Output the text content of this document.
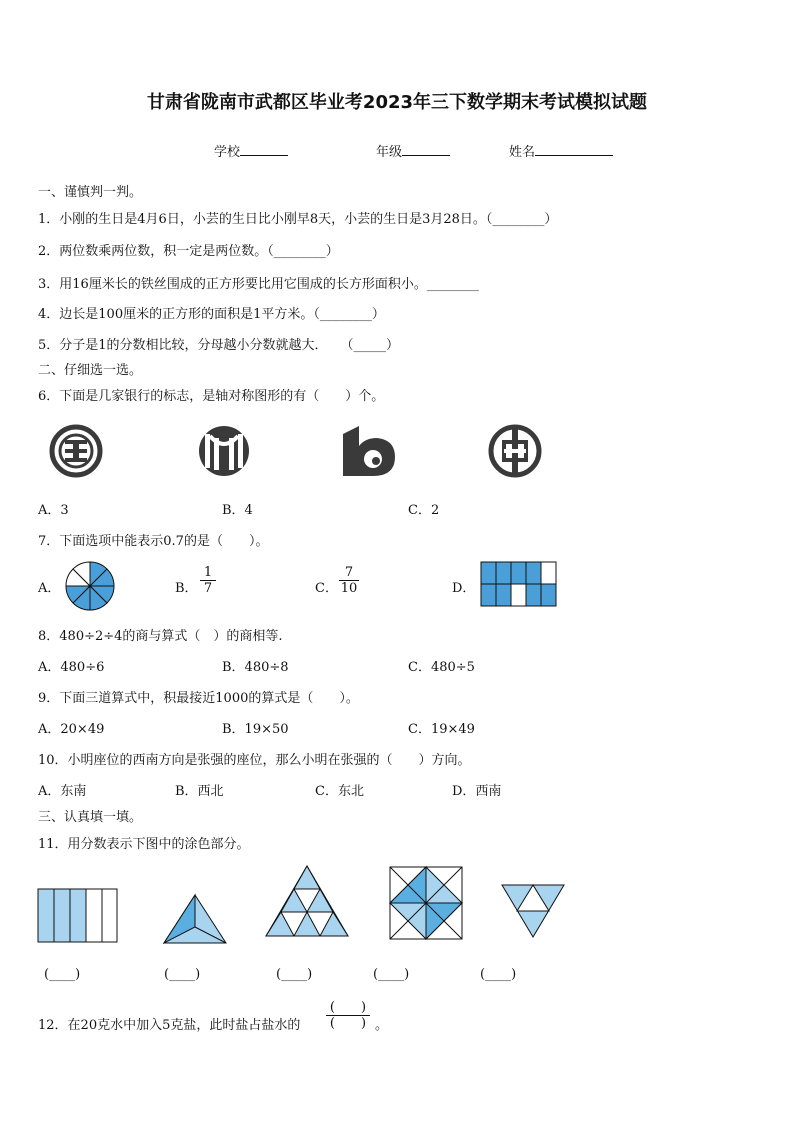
甘肃省陇南市武都区毕业考2023年三下数学期末考试模拟试题
学校	年级	姓名
一、谨慎判一判。
1．小刚的生日是4月6日，小芸的生日比小刚早8天，小芸的生日是3月28日。（________）
2．两位数乘两位数，积一定是两位数。（________）
3．用16厘米长的铁丝围成的正方形要比用它围成的长方形面积小。________
4．边长是100厘米的正方形的面积是1平方米。（________）
5．分子是1的分数相比较，分母越小分数就越大．　　（_____）
二、仔细选一选。
6．下面是几家银行的标志，是轴对称图形的有（　　）个。
A．3	B．4	C．2
7．下面选项中能表示0.7的是（　　）。
A．	B． $\frac{1}{7}$	C． $\frac{7}{10}$	D．
8．480÷2÷4的商与算式（　）的商相等.
A．480÷6	B．480÷8	C．480÷5
9．下面三道算式中，积最接近1000的算式是（　　）。
A．20×49	B．19×50	C．19×49
10．小明座位的西南方向是张强的座位，那么小明在张强的（　　）方向。
A．东南	B．西北	C．东北	D．西南
三、认真填一填。
11．用分数表示下图中的涂色部分。
(____)	(____)	(____)	(____)	(____)
12．在20克水中加入5克盐，此时盐占盐水的 $\frac{( )}{( )}$ 。
